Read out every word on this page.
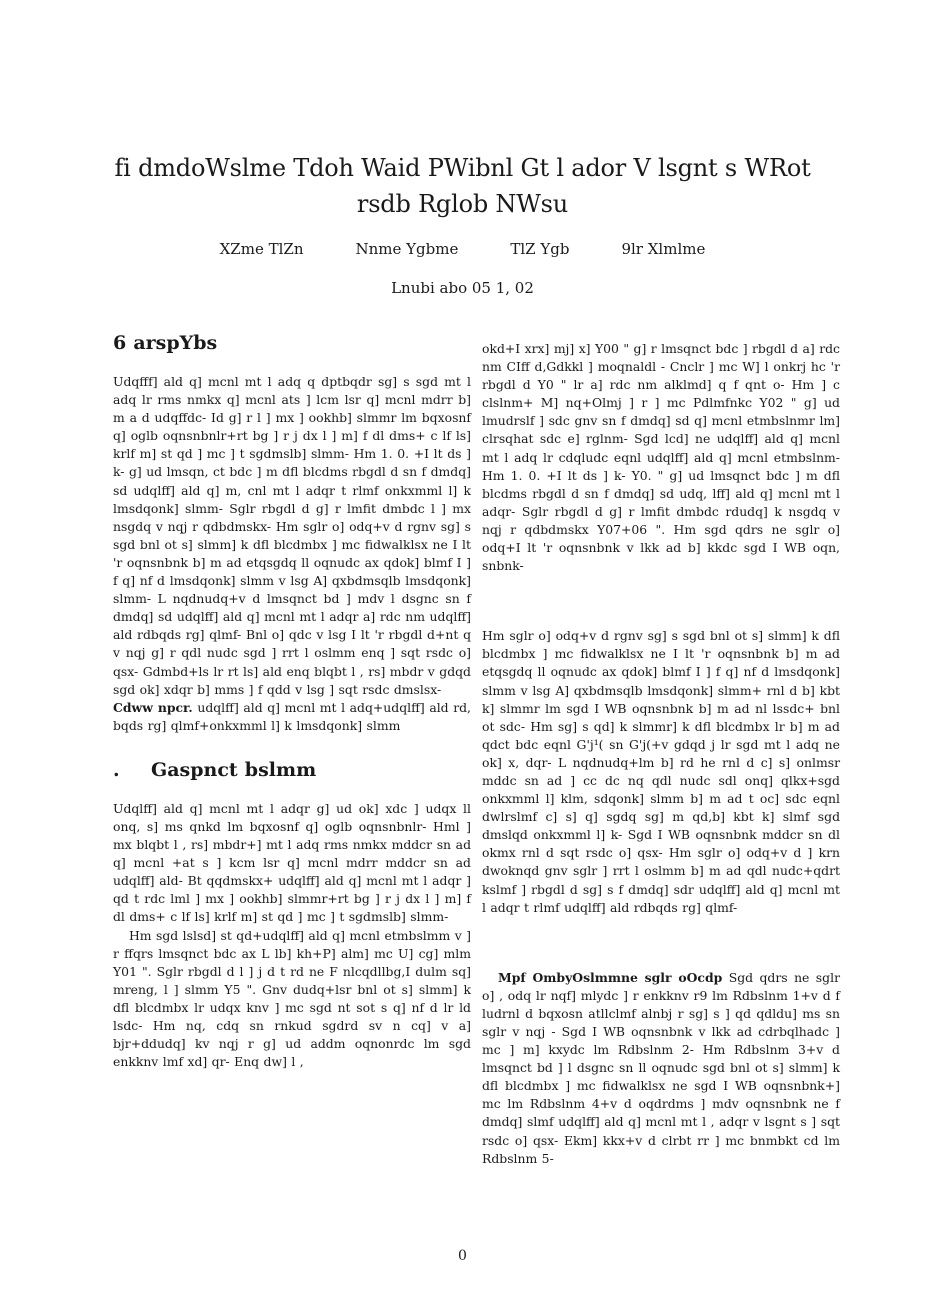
fi dmdoWslme Tdoh Waid PWibnl Gt l ador V lsgnt s WRot rsdb Rglob NWsu
XZme TlZn	Nnme Ygbme	TlZ Ygb	9lr Xlmlme
Lnubi abo 05 1, 02
6 arspYbs

Udqfff] ald q] mcnl mt l adq q dptbqdr sg] s sgd mt l adq lr rms nmkx q] mcnl ats ] lcm lsr q] mcnl mdrr b] m a d udqffdc- Id g] r l ] mx ] ookhb] slmmr lm bqxosnf q] oglb oqnsnbnlr+rt bg ] r j dx l ] m] f dl dms+ c lf ls] krlf m] st qd ] mc ] t sgdmslb] slmm- Hm 1. 0. +I lt ds ] k- g] ud lmsqn, ct bdc ] m dfl blcdms rbgdl d sn f dmdq] sd udqlff] ald q] m, cnl mt l adqr t rlmf onkxmml l] k lmsdqonk] slmm- Sglr rbgdl d g] r lmfit dmbdc l ] mx nsgdq v nqj r qdbdmskx- Hm sglr o] odq+v d rgnv sg] s sgd bnl ot s] slmm] k dfl blcdmbx ] mc fidwalklsx ne I lt 'r oqnsnbnk b] m ad etqsgdq ll oqnudc ax qdok] blmf I ] f q] nf d lmsdqonk] slmm v lsg A] qxbdmsqlb lmsdqonk] slmm- L nqdnudq+v d lmsqnct bd ] mdv l dsgnc sn f dmdq] sd udqlff] ald q] mcnl mt l adqr a] rdc nm udqlff] ald rdbqds rg] qlmf- Bnl o] qdc v lsg I lt 'r rbgdl d+nt q v nqj g] r qdl nudc sgd ] rrt l oslmm enq ] sqt rsdc o] qsx- Gdmbd+ls lr rt ls] ald enq blqbt l , rs] mbdr v gdqd sgd ok] xdqr b] mms ] f qdd v lsg ] sqt rsdc dmslsx-

Cdww npcr. udqlff] ald q] mcnl mt l adq+udqlff] ald rd, bqds rg] qlmf+onkxmml l] k lmsdqonk] slmm

. Gaspnct bslmm

Udqlff] ald q] mcnl mt l adqr g] ud ok] xdc ] udqx ll onq, s] ms qnkd lm bqxosnf q] oglb oqnsnbnlr- Hml ] mx blqbt l , rs] mbdr+] mt l adq rms nmkx mddcr sn ad q] mcnl +at s ] kcm lsr q] mcnl mdrr mddcr sn ad udqlff] ald- Bt qqdmskx+ udqlff] ald q] mcnl mt l adqr ] qd t rdc lml ] mx ] ookhb] slmmr+rt bg ] r j dx l ] m] f dl dms+ c lf ls] krlf m] st qd ] mc ] t sgdmslb] slmm-

Hm sgd lslsd] st qd+udqlff] ald q] mcnl etmbslmm v ] r ffqrs lmsqnct bdc ax L lb] kh+P] alm] mc U] cg] mlm Y01 ". Sglr rbgdl d l ] j d t rd ne F nlcqdllbg,I dulm sq] mreng, l ] slmm Y5 ". Gnv dudq+lsr bnl ot s] slmm] k dfl blcdmbx lr udqx knv ] mc sgd nt sot s q] nf d lr ld lsdc- Hm nq, cdq sn rnkud sgdrd sv n cq] v a] bjr+ddudq] kv nqj r g] ud addm oqnonrdc lm sgd enkknv lmf xd] qr- Enq dw] l ,

okd+I xrx] mj] x] Y00 " g] r lmsqnct bdc ] rbgdl d a] rdc nm CIff d,Gdkkl ] moqnaldl - Cnclr ] mc W] l onkrj hc 'r rbgdl d Y0 " lr a] rdc nm alklmd] q f qnt o- Hm ] c clslnm+ M] nq+Olmj ] r ] mc Pdlmfnkc Y02 " g] ud lmudrslf ] sdc gnv sn f dmdq] sd q] mcnl etmbslnmr lm] clrsqhat sdc e] rglnm- Sgd lcd] ne udqlff] ald q] mcnl mt l adq lr cdqludc eqnl udqlff] ald q] mcnl etmbslnm- Hm 1. 0. +I lt ds ] k- Y0. " g] ud lmsqnct bdc ] m dfl blcdms rbgdl d sn f dmdq] sd udq, lff] ald q] mcnl mt l adqr- Sglr rbgdl d g] r lmfit dmbdc rdudq] k nsgdq v nqj r qdbdmskx Y07+06 ". Hm sgd qdrs ne sglr o] odq+I lt 'r oqnsnbnk v lkk ad b] kkdc sgd I WB oqn, snbnk-

Hm sglr o] odq+v d rgnv sg] s sgd bnl ot s] slmm] k dfl blcdmbx ] mc fidwalklsx ne I lt 'r oqnsnbnk b] m ad etqsgdq ll oqnudc ax qdok] blmf I ] f q] nf d lmsdqonk] slmm v lsg A] qxbdmsqlb lmsdqonk] slmm+ rnl d b] kbt k] slmmr lm sgd I WB oqnsnbnk b] m ad nl lssdc+ bnl ot sdc- Hm sg] s qd] k slmmr] k dfl blcdmbx lr b] m ad qdct bdc eqnl G'j¹( sn G'j(+v gdqd j lr sgd mt l adq ne ok] x, dqr- L nqdnudq+lm b] rd he rnl d c] s] onlmsr mddc sn ad ] cc dc nq qdl nudc sdl onq] qlkx+sgd onkxmml l] klm, sdqonk] slmm b] m ad t oc] sdc eqnl dwlrslmf c] s] q] sgdq sg] m qd,b] kbt k] slmf sgd dmslqd onkxmml l] k- Sgd I WB oqnsnbnk mddcr sn dl okmx rnl d sqt rsdc o] qsx- Hm sglr o] odq+v d ] krn dwoknqd gnv sglr ] rrt l oslmm b] m ad qdl nudc+qdrt kslmf ] rbgdl d sg] s f dmdq] sdr udqlff] ald q] mcnl mt l adqr t rlmf udqlff] ald rdbqds rg] qlmf-

Mpf OmbyOslmmne sglr oOcdp Sgd qdrs ne sglr o] , odq lr nqf] mlydc ] r enkknv r9 lm Rdbslnm 1+v d f ludrnl d bqxosn atllclmf alnbj r sg] s ] qd qdldu] ms sn sglr v nqj - Sgd I WB oqnsnbnk v lkk ad cdrbqlhadc ] mc ] m] kxydc lm Rdbslnm 2- Hm Rdbslnm 3+v d lmsqnct bd ] l dsgnc sn ll oqnudc sgd bnl ot s] slmm] k dfl blcdmbx ] mc fidwalklsx ne sgd I WB oqnsnbnk+] mc lm Rdbslnm 4+v d oqdrdms ] mdv oqnsnbnk ne f dmdq] slmf udqlff] ald q] mcnl mt l , adqr v lsgnt s ] sqt rsdc o] qsx- Ekm] kkx+v d clrbt rr ] mc bnmbkt cd lm Rdbslnm 5-

0
